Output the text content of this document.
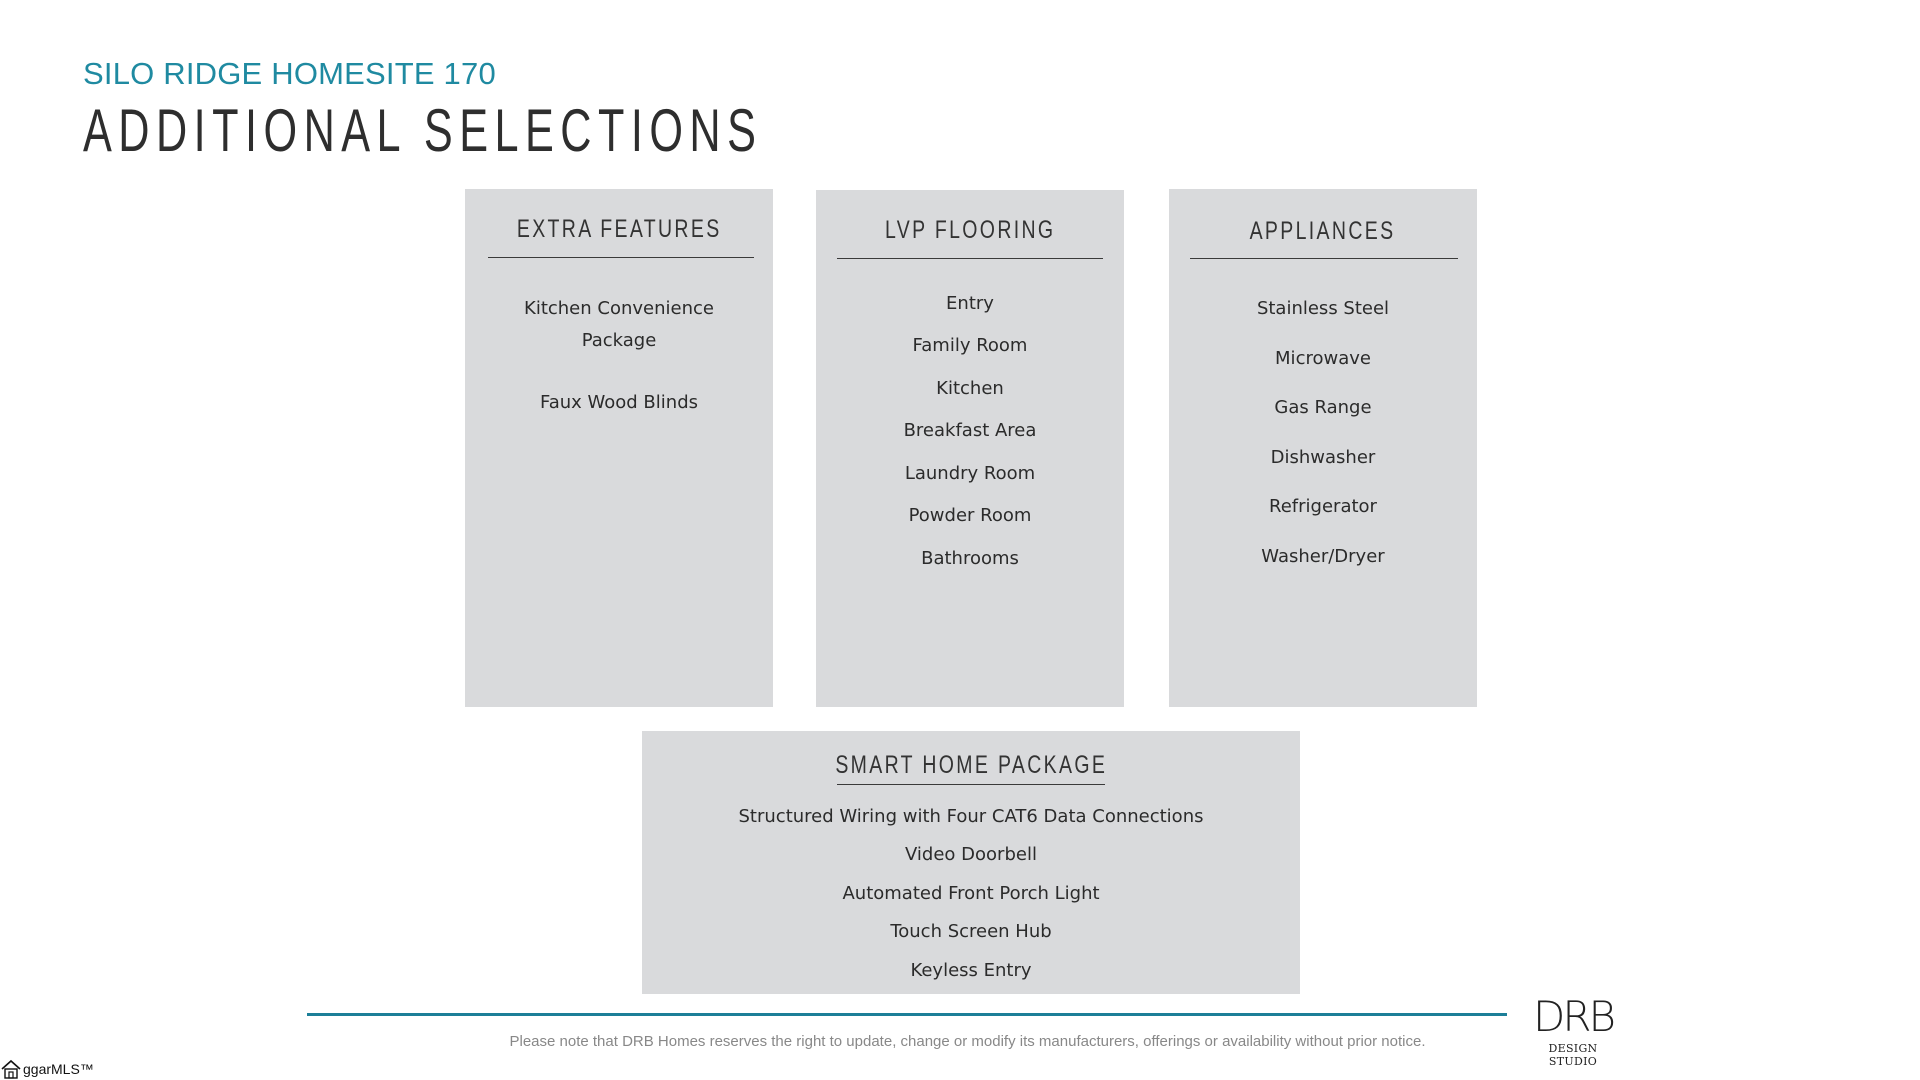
SILO RIDGE HOMESITE 170
ADDITIONAL SELECTIONS
EXTRA FEATURES
Kitchen Convenience
Package
Faux Wood Blinds
LVP FLOORING
Entry
Family Room
Kitchen
Breakfast Area
Laundry Room
Powder Room
Bathrooms
APPLIANCES
Stainless Steel
Microwave
Gas Range
Dishwasher
Refrigerator
Washer/Dryer
SMART HOME PACKAGE
Structured Wiring with Four CAT6 Data Connections
Video Doorbell
Automated Front Porch Light
Touch Screen Hub
Keyless Entry
Please note that DRB Homes reserves the right to update, change or modify its manufacturers, offerings or availability without prior notice.
DRB
DESIGN STUDIO
ggarMLS™
